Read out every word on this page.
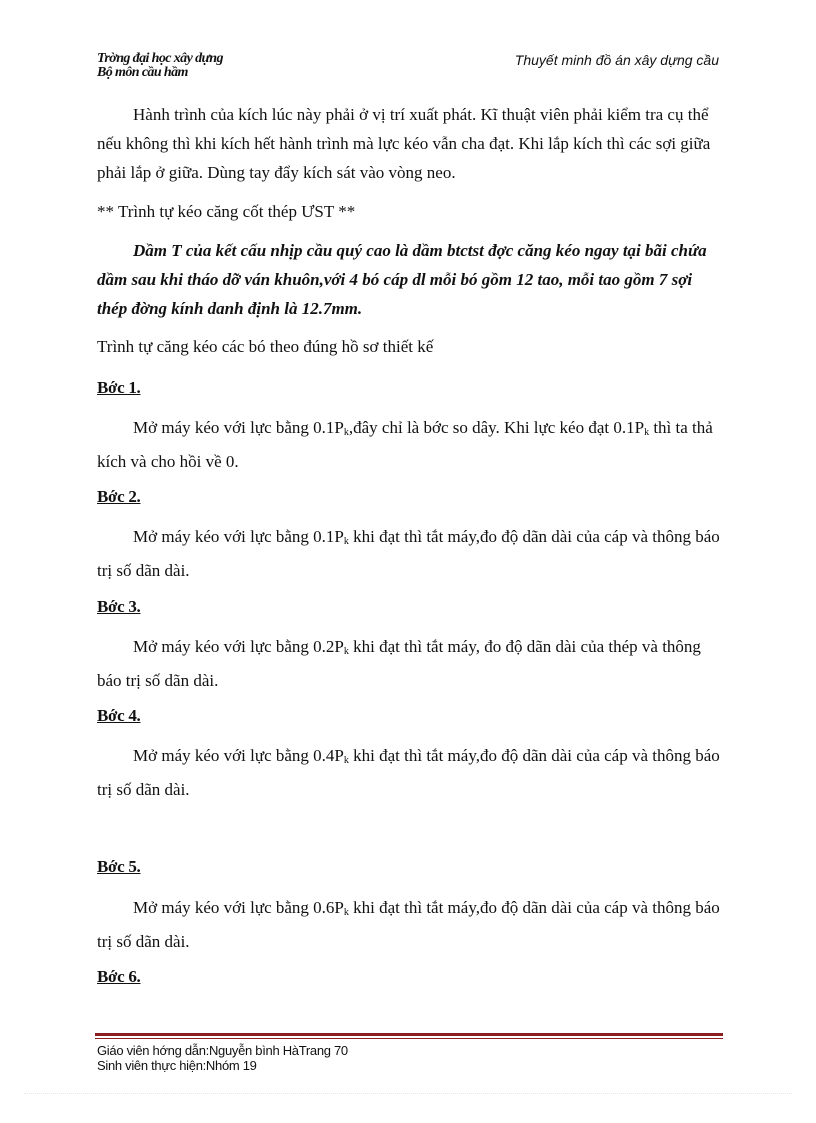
Trờng đại học xây dựng
Bộ môn cầu hầm
Thuyết minh đồ án xây dựng cầu
Hành trình của kích lúc này phải ở vị trí xuất phát. Kĩ thuật viên phải kiểm tra cụ thể nếu không thì khi kích hết hành trình mà lực kéo vẫn cha đạt. Khi lắp kích thì các sợi giữa phải lắp ở giữa. Dùng tay đẩy kích sát vào vòng neo.
** Trình tự kéo căng cốt thép ƯST **
Dầm T của kết cấu nhịp cầu quý cao là dầm btctst đợc căng kéo ngay tại bãi chứa dầm sau khi tháo dỡ ván khuôn,với 4 bó cáp dl mỗi bó gồm 12 tao, mỗi tao gồm 7 sợi thép đờng kính danh định là 12.7mm.
Trình tự căng kéo các bó theo đúng hồ sơ thiết kế
Bớc 1.
Mở máy kéo với lực bằng $0.1P_k,đây$ chỉ là bớc so dây. Khi lực kéo đạt $0.1P_k$ thì ta thả kích và cho hồi về 0.
Bớc 2.
Mở máy kéo với lực bằng $0.1P_k$ khi đạt thì tắt máy,đo độ dãn dài của cáp và thông báo trị số dãn dài.
Bớc 3.
Mở máy kéo với lực bằng $0.2P_k$ khi đạt thì tắt máy, đo độ dãn dài của thép và thông báo trị số dãn dài.
Bớc 4.
Mở máy kéo với lực bằng $0.4P_k$ khi đạt thì tắt máy,đo độ dãn dài của cáp và thông báo trị số dãn dài.
Bớc 5.
Mở máy kéo với lực bằng $0.6P_k$ khi đạt thì tắt máy,đo độ dãn dài của cáp và thông báo trị số dãn dài.
Bớc 6.
Giáo viên hớng dẫn:Nguyễn bình HàTrang 70
Sinh viên thực hiện:Nhóm 19
